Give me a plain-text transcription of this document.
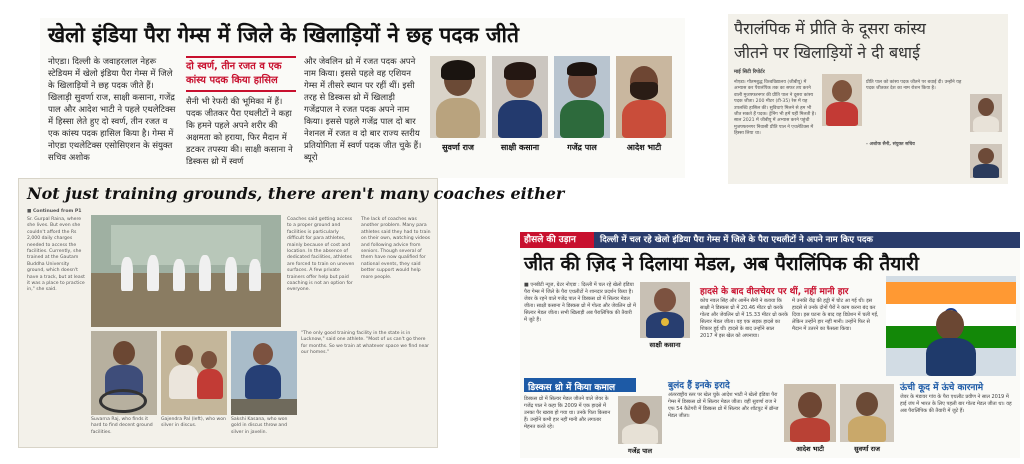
खेलो इंडिया पैरा गेम्स में जिले के खिलाड़ियों ने छह पदक जीते
नोएडा। दिल्ली के जवाहरलाल नेहरू स्टेडियम में खेलो इंडिया पैरा गेम्स में जिले के खिलाड़ियों ने छह पदक जीते हैं। खिलाड़ी सुवर्णा राज, साक्षी कसाना, गजेंद्र पाल और आदेश भाटी ने पहले एथलेटिक्स में हिस्सा लेते हुए दो स्वर्ण, तीन रजत व एक कांस्य पदक हासिल किया है। गेम्स में नोएडा एथलेटिक्स एसोसिएशन के संयुक्त सचिव अशोक
दो स्वर्ण, तीन रजत व एक कांस्य पदक किया हासिल
सैनी भी रेफरी की भूमिका में हैं। पदक जीतकर पैरा एथलीटों ने कहा कि हमने पहले अपने शरीर की अक्षमता को हराया, फिर मैदान में डटकर तपस्या की। साक्षी कसाना ने डिस्कस थ्रो में स्वर्ण
और जेवलिन थ्रो में रजत पदक अपने नाम किया। इससे पहले वह एशियन गेम्स में तीसरे स्थान पर रहीं थीं। इसी तरह से डिस्कस थ्रो में खिलाड़ी गजेंद्रपाल ने रजत पदक अपने नाम किया। इससे पहले गजेंद्र पाल दो बार नेशनल में रजत व दो बार राज्य स्तरीय प्रतियोगिता में स्वर्ण पदक जीत चुके हैं। ब्यूरो
सुवर्णा राज	साक्षी कसाना	गजेंद्र पाल	आदेश भाटी
पैरालंपिक में प्रीति के दूसरा कांस्य
जीतने पर खिलाड़ियों ने दी बधाई
माई सिटी रिपोर्टर
नोएडा। गौतमबुद्ध विश्वविद्यालय (जीबीयू) में अभ्यास कर पैरालंपिक तक का सफर तय करने वाली मुजफ्फरनगर की प्रीति पाल ने दूसरा कांस्य पदक जीता। 200 मीटर (टी-35) रेस में यह उपलब्धि हासिल की। सुविधाएं मिलने से हम भी जीत सकते हैं पदक। ट्रेनिंग भी हमें यहीं मिलती है। साल 2021 में जीबीयू में अभ्यास करने पहुंची मुजफ्फरनगर निवासी प्रीति पाल ने एथलेटिक्स में हिस्सा लिया था।
प्रीति पाल को कांस्य पदक जीतने पर बधाई दी। उन्होंने यह पदक जीतकर देश का नाम रोशन किया है।
- अशोक सैनी, संयुक्त सचिव
Not just training grounds, there aren't many coaches either
■ Continued from P1
Sr. Gurpal Raina, where she lives. But even she couldn't afford the Rs 2,000 daily charges needed to access the facilities. Currently, she trained at the Gautam Buddha University ground, which doesn't have a track, but at least it was a place to practice in," she said.
Coaches said getting access to a proper ground and facilities is particularly difficult for para athletes, mainly because of cost and location. In the absence of dedicated facilities, athletes are forced to train on uneven surfaces. A few private trainers offer help but paid coaching is not an option for everyone.
The lack of coaches was another problem. Many para athletes said they had to train on their own, watching videos and following advice from seniors. Though several of them have now qualified for national events, they said better support would help more people.
Suvarna Raj, who finds it hard to find decent ground facilities.
Gajendra Pal (left), who won silver in discus.
Sakshi Kasana, who won gold in discus throw and silver in javelin.
"The only good training facility in the state is in Lucknow," said one athlete. "Most of us can't go there for months. So we train at whatever space we find near our homes."
हौसले की उड़ान	दिल्ली में चल रहे खेलो इंडिया पैरा गेम्स में जिले के पैरा एथलीटों ने अपने नाम किए पदक
जीत की ज़िद ने दिलाया मेडल, अब पैरालिंपिक की तैयारी
■ एनबीटी न्यूज, ग्रेटर नोएडा : दिल्ली में चल रहे खेलो इंडिया पैरा गेम्स में जिले के पैरा एथलीटों ने शानदार प्रदर्शन किया है। जेवर के रहने वाले गजेंद्र पाल ने डिस्कस थ्रो में सिल्वर मेडल जीता। साक्षी कसाना ने डिस्कस थ्रो में गोल्ड और जेवलिन थ्रो में सिल्वर मेडल जीता। सभी खिलाड़ी अब पैरालिंपिक की तैयारी में जुटे हैं।
साक्षी कसाना
हादसे के बाद वीलचेयर पर थीं, नहीं मानी हार
कोच नवल सिंह और आर्मेन सैनी ने बताया कि साक्षी ने डिस्कस थ्रो में 20.46 मीटर थ्रो करके गोल्ड और जेवलिन थ्रो में 15.33 मीटर थ्रो करके सिल्वर मेडल जीता। वह एक सड़क हादसे का शिकार हुई थीं। हादसे के बाद उन्होंने साल 2017 में इस खेल को अपनाया।
में उनकी रीढ़ की हड्डी में चोट आ गई थी। इस हादसे से उनके दोनों पैरों ने काम करना बंद कर दिया। इस घटना के बाद वह डिप्रेशन में चली गईं, लेकिन उन्होंने हार नहीं मानी। उन्होंने फिर से मैदान में उतरने का फैसला किया।
ऊंची कूद में ऊंचे कारनामे
जेवर के मंडावर गांव के पैरा एथलीट प्रवीण ने साल 2019 में हाई जंप में भारत के लिए पहली बार गोल्ड मेडल जीता था। वह अब पैरालिंपिक की तैयारी में जुटे हैं।
डिस्कस थ्रो में किया कमाल
डिस्कस थ्रो में सिल्वर मेडल जीतने वाले जेवर के गजेंद्र पाल ने कहा कि 2009 में एक हादसे में उनका पैर खराब हो गया था। उनके पिता किसान हैं। उन्होंने कभी हार नहीं मानी और लगातार मेहनत करते रहे।
गजेंद्र पाल
बुलंद हैं इनके इरादे
अंतरराष्ट्रीय स्तर पर खेल चुके आदेश भाटी ने खेलो इंडिया पैरा गेम्स में डिस्कस थ्रो में सिल्वर मेडल जीता। वहीं सुवर्णा राज ने एफ 54 कैटेगरी में डिस्कस थ्रो में सिल्वर और शॉटपुट में ब्रॉन्ज मेडल जीता।
आदेश भाटी	सुवर्णा राज
